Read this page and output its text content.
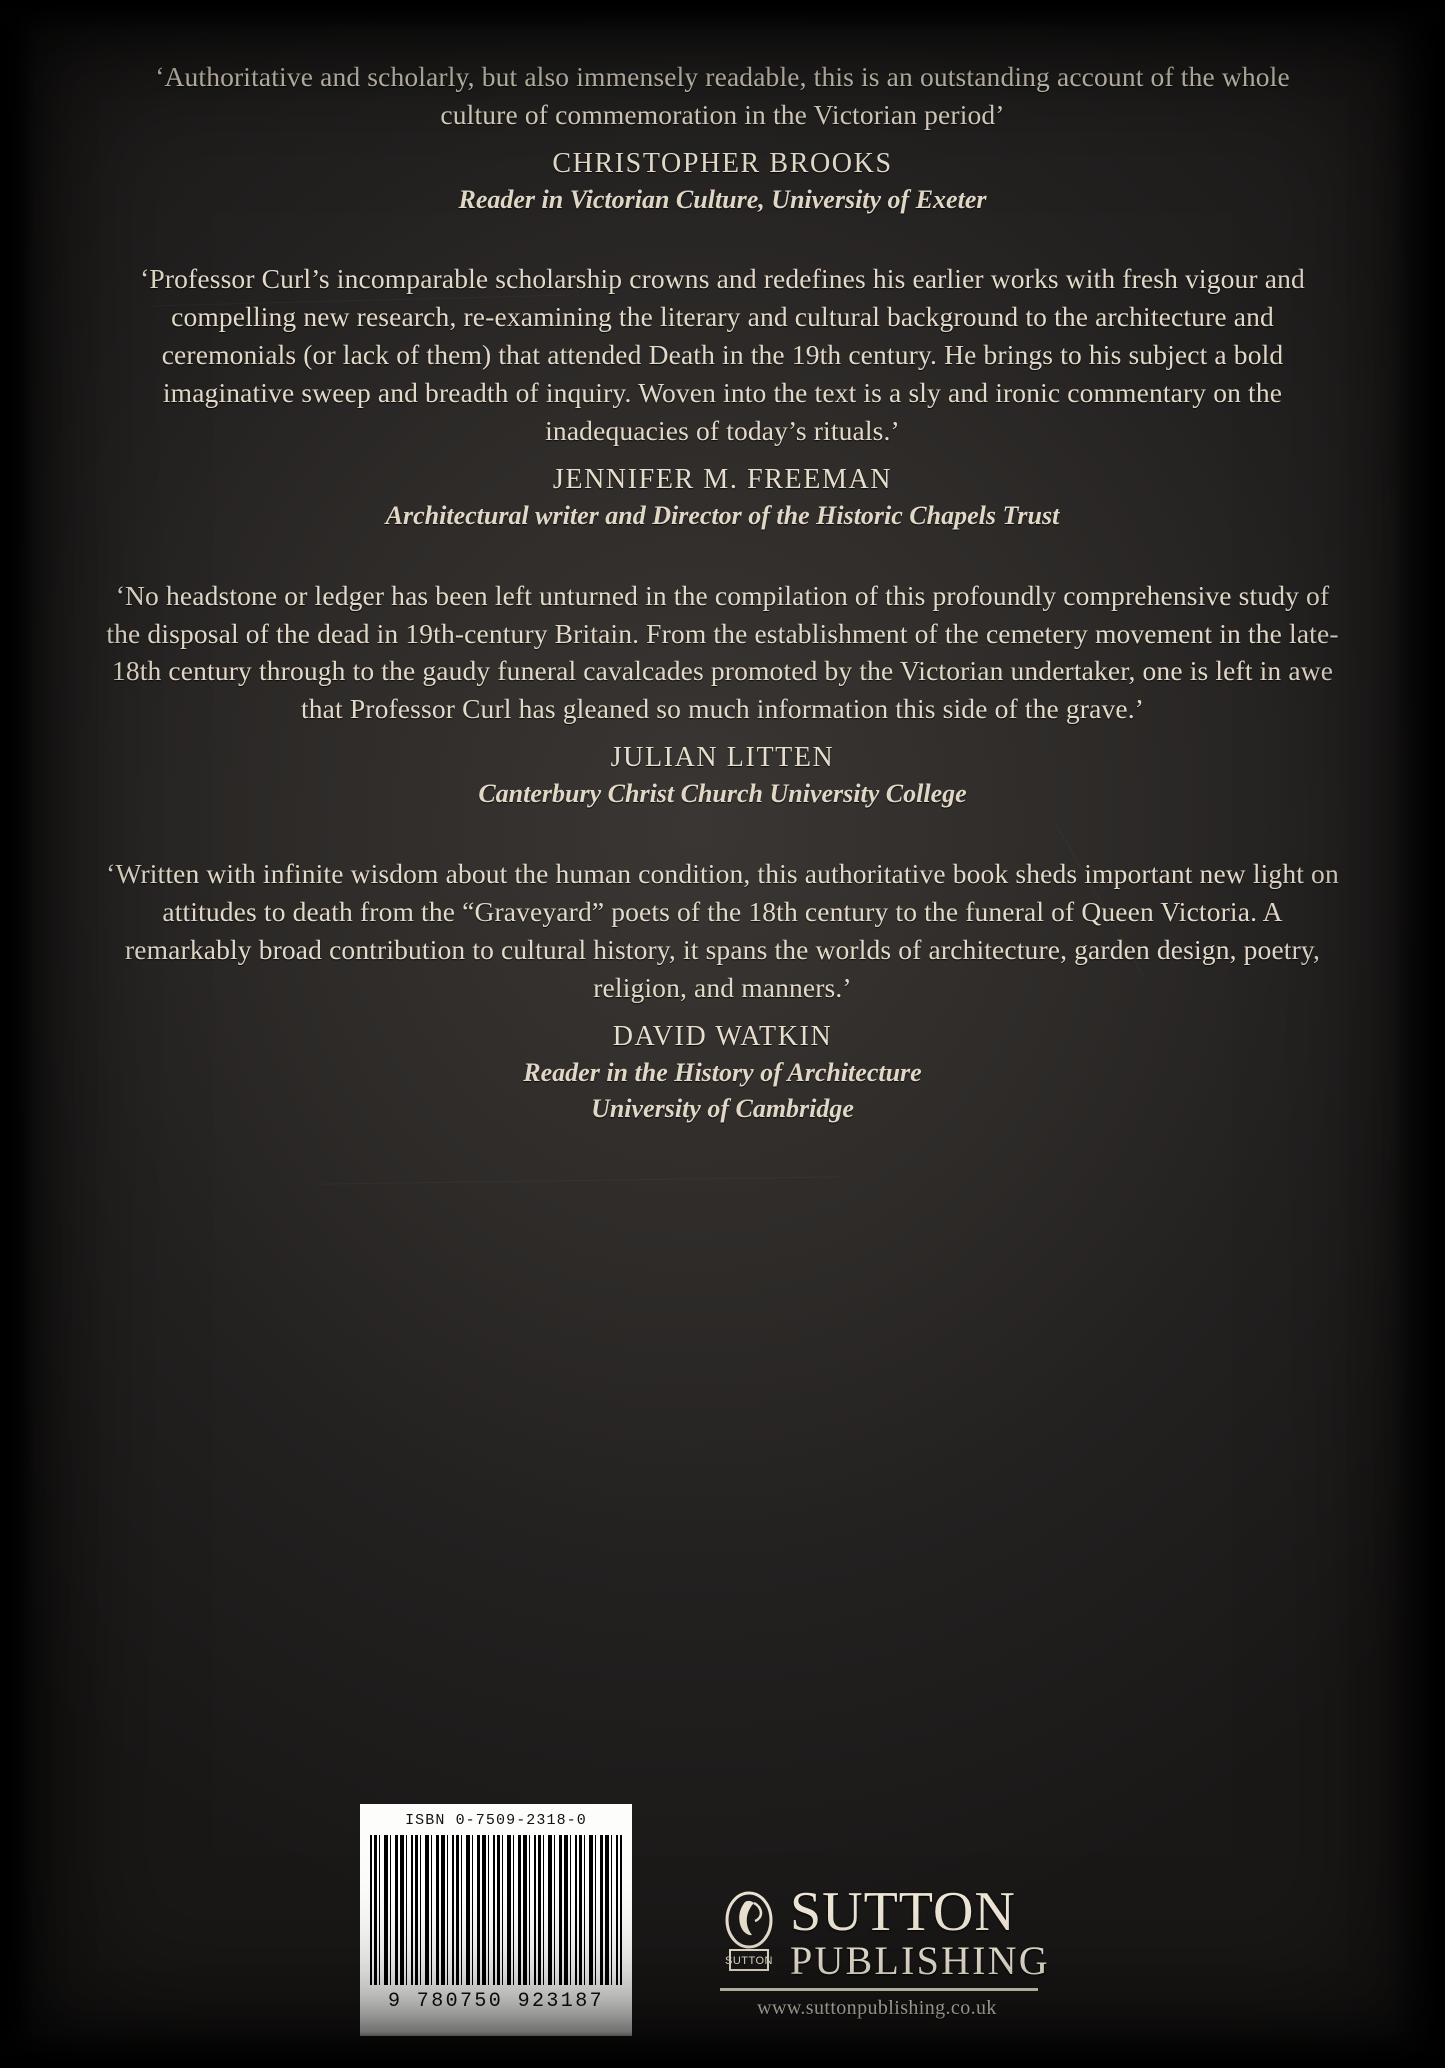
‘Authoritative and scholarly, but also immensely readable, this is an outstanding account of the whole culture of commemoration in the Victorian period’

CHRISTOPHER BROOKS
Reader in Victorian Culture, University of Exeter

‘Professor Curl’s incomparable scholarship crowns and redefines his earlier works with fresh vigour and compelling new research, re-examining the literary and cultural background to the architecture and ceremonials (or lack of them) that attended Death in the 19th century. He brings to his subject a bold imaginative sweep and breadth of inquiry. Woven into the text is a sly and ironic commentary on the inadequacies of today’s rituals.’

JENNIFER M. FREEMAN
Architectural writer and Director of the Historic Chapels Trust

‘No headstone or ledger has been left unturned in the compilation of this profoundly comprehensive study of the disposal of the dead in 19th-century Britain. From the establishment of the cemetery movement in the late-18th century through to the gaudy funeral cavalcades promoted by the Victorian undertaker, one is left in awe that Professor Curl has gleaned so much information this side of the grave.’

JULIAN LITTEN
Canterbury Christ Church University College

‘Written with infinite wisdom about the human condition, this authoritative book sheds important new light on attitudes to death from the “Graveyard” poets of the 18th century to the funeral of Queen Victoria. A remarkably broad contribution to cultural history, it spans the worlds of architecture, garden design, poetry, religion, and manners.’

DAVID WATKIN
Reader in the History of Architecture
University of Cambridge
ISBN 0-7509-2318-0
9 780750 923187
SUTTON
SUTTON
PUBLISHING
www.suttonpublishing.co.uk
